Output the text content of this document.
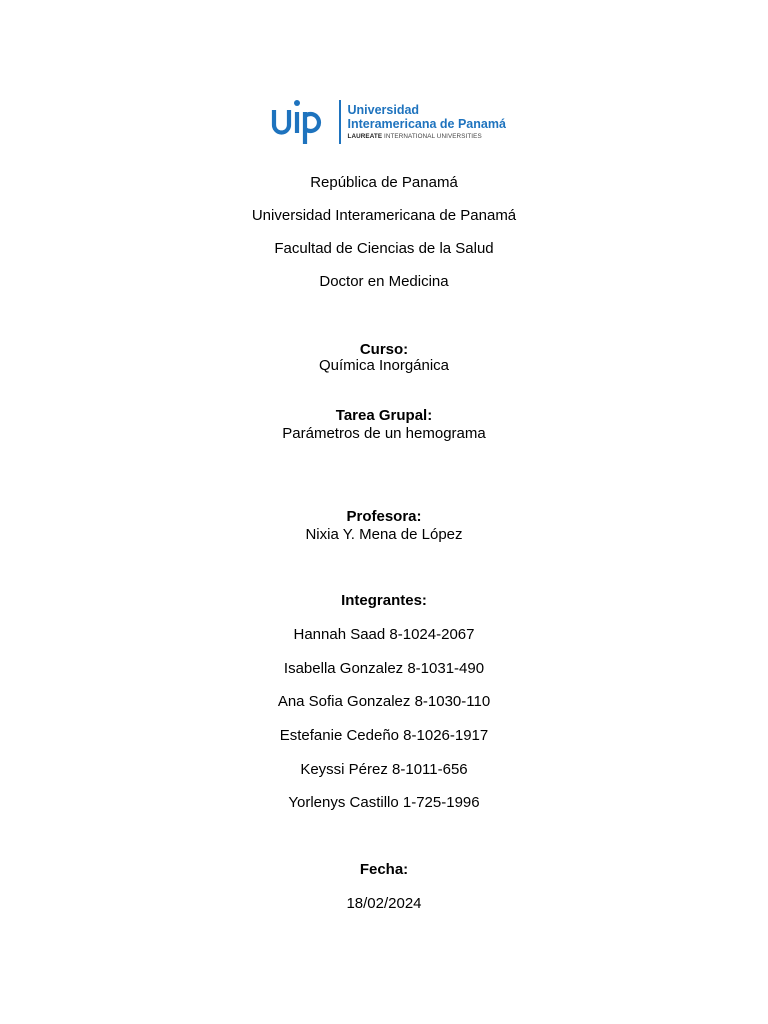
Universidad
Interamericana de Panamá
LAUREATE INTERNATIONAL UNIVERSITIES
República de Panamá
Universidad Interamericana de Panamá
Facultad de Ciencias de la Salud
Doctor en Medicina
Curso:
Química Inorgánica
Tarea Grupal:
Parámetros de un hemograma
Profesora:
Nixia Y. Mena de López
Integrantes:
Hannah Saad 8-1024-2067
Isabella Gonzalez 8-1031-490
Ana Sofia Gonzalez 8-1030-110
Estefanie Cedeño 8-1026-1917
Keyssi Pérez 8-1011-656
Yorlenys Castillo 1-725-1996
Fecha:
18/02/2024
